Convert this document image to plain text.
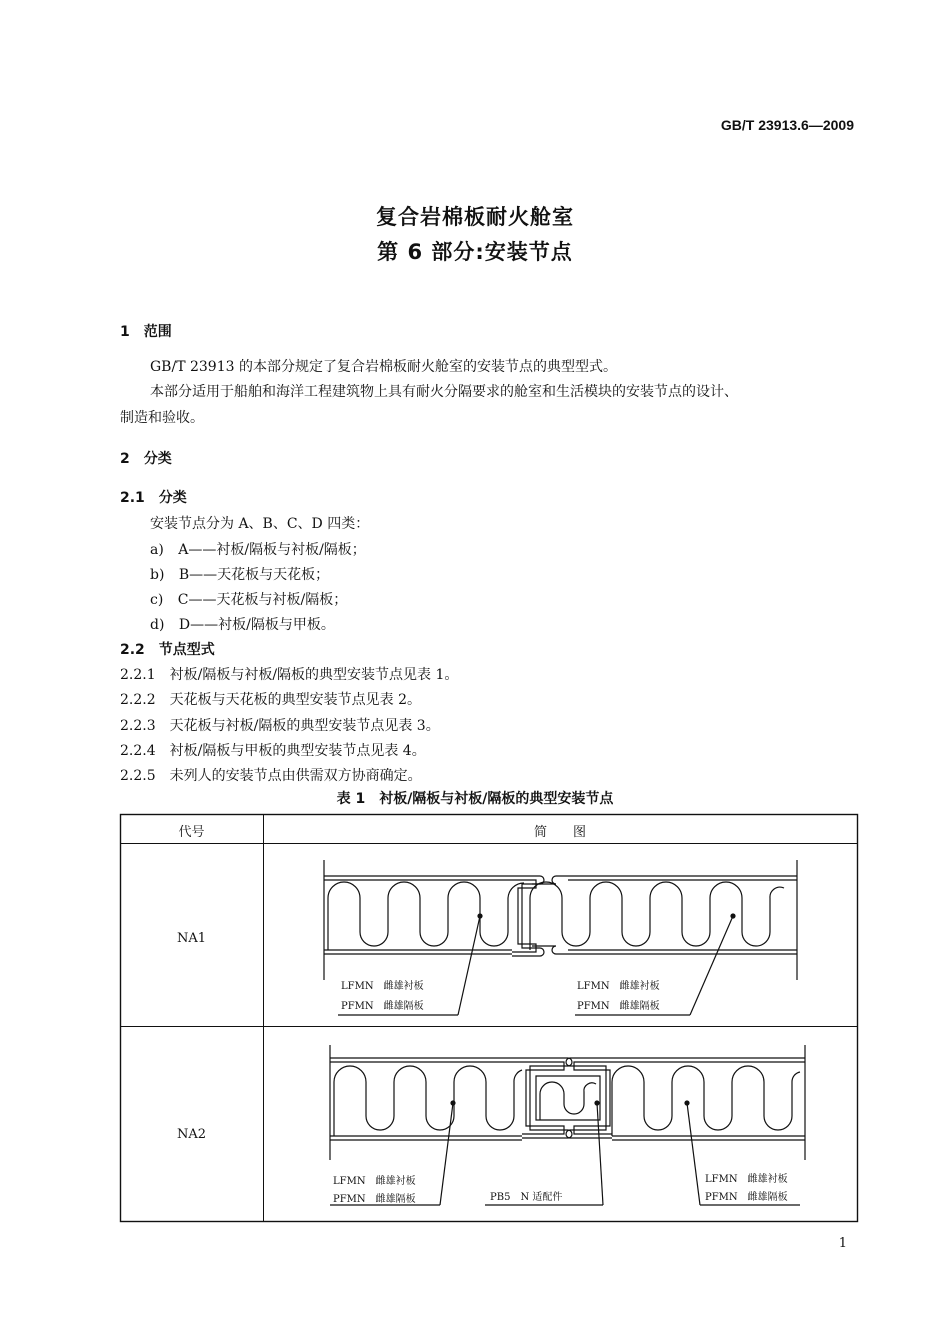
GB/T 23913.6—2009
复合岩棉板耐火舱室
第 6 部分:安装节点
1　范围
GB/T 23913 的本部分规定了复合岩棉板耐火舱室的安装节点的典型型式。
本部分适用于船舶和海洋工程建筑物上具有耐火分隔要求的舱室和生活模块的安装节点的设计、
制造和验收。
2　分类
2.1　分类
安装节点分为 A、B、C、D 四类：
a) A——衬板/隔板与衬板/隔板；
b) B——天花板与天花板；
c) C——天花板与衬板/隔板；
d) D——衬板/隔板与甲板。
2.2　节点型式
2.2.1　衬板/隔板与衬板/隔板的典型安装节点见表 1。
2.2.2　天花板与天花板的典型安装节点见表 2。
2.2.3　天花板与衬板/隔板的典型安装节点见表 3。
2.2.4　衬板/隔板与甲板的典型安装节点见表 4。
2.2.5　未列人的安装节点由供需双方协商确定。
表 1　衬板/隔板与衬板/隔板的典型安装节点
代号	简　　图
NA1
NA2
LFMN　雌雄衬板
PFMN　雌雄隔板
LFMN　雌雄衬板
PFMN　雌雄隔板
LFMN　雌雄衬板
PFMN　雌雄隔板	PB5　N 适配件
LFMN　雌雄衬板
PFMN　雌雄隔板
1
